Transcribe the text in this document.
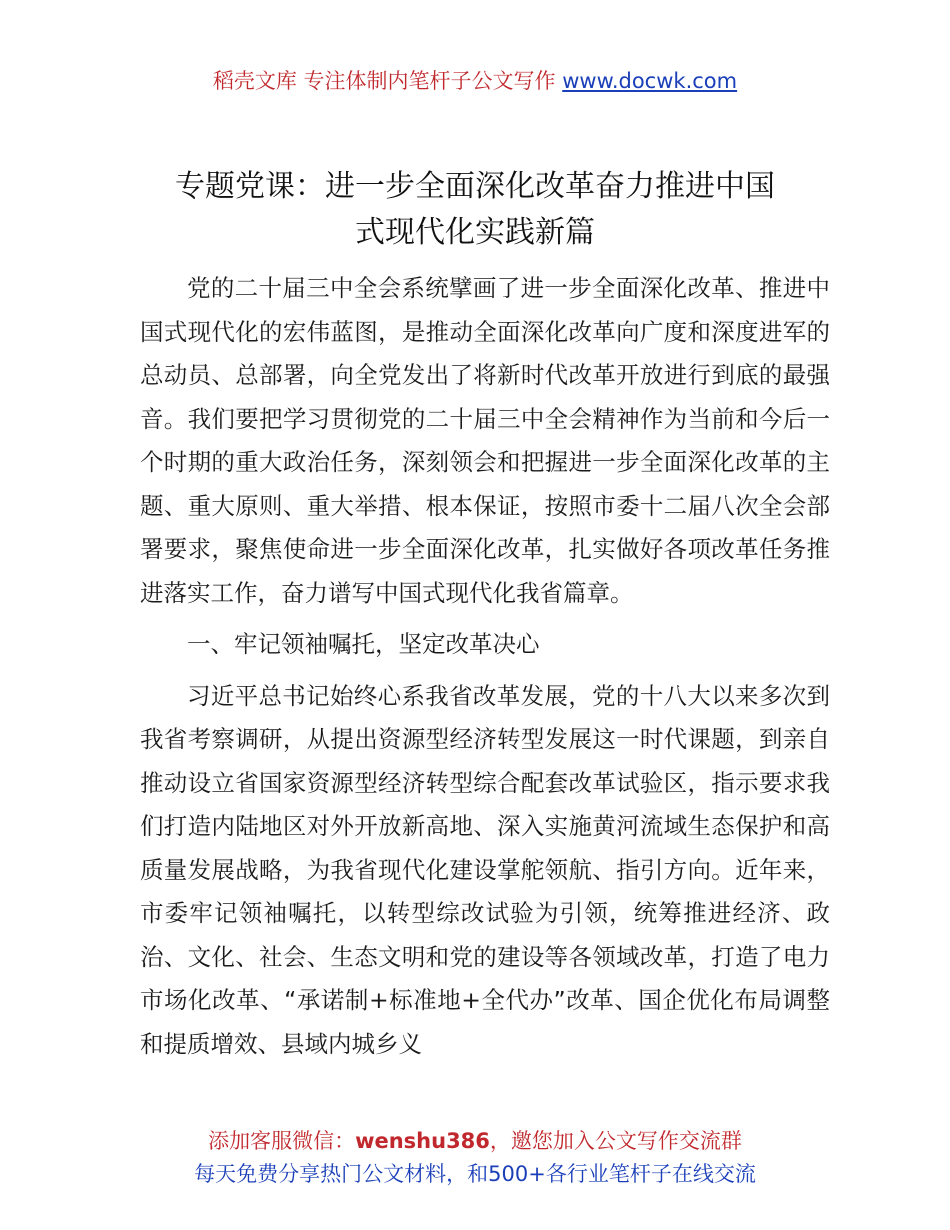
稻壳文库 专注体制内笔杆子公文写作 www.docwk.com
专题党课：进一步全面深化改革奋力推进中国
式现代化实践新篇

党的二十届三中全会系统擘画了进一步全面深化改革、推进中国式现代化的宏伟蓝图，是推动全面深化改革向广度和深度进军的总动员、总部署，向全党发出了将新时代改革开放进行到底的最强音。我们要把学习贯彻党的二十届三中全会精神作为当前和今后一个时期的重大政治任务，深刻领会和把握进一步全面深化改革的主题、重大原则、重大举措、根本保证，按照市委十二届八次全会部署要求，聚焦使命进一步全面深化改革，扎实做好各项改革任务推进落实工作，奋力谱写中国式现代化我省篇章。

一、牢记领袖嘱托，坚定改革决心

习近平总书记始终心系我省改革发展，党的十八大以来多次到我省考察调研，从提出资源型经济转型发展这一时代课题，到亲自推动设立省国家资源型经济转型综合配套改革试验区，指示要求我们打造内陆地区对外开放新高地、深入实施黄河流域生态保护和高质量发展战略，为我省现代化建设掌舵领航、指引方向。近年来，市委牢记领袖嘱托，以转型综改试验为引领，统筹推进经济、政治、文化、社会、生态文明和党的建设等各领域改革，打造了电力市场化改革、“承诺制+标准地+全代办”改革、国企优化布局调整和提质增效、县域内城乡义

添加客服微信：wenshu386，邀您加入公文写作交流群
每天免费分享热门公文材料，和500+各行业笔杆子在线交流
